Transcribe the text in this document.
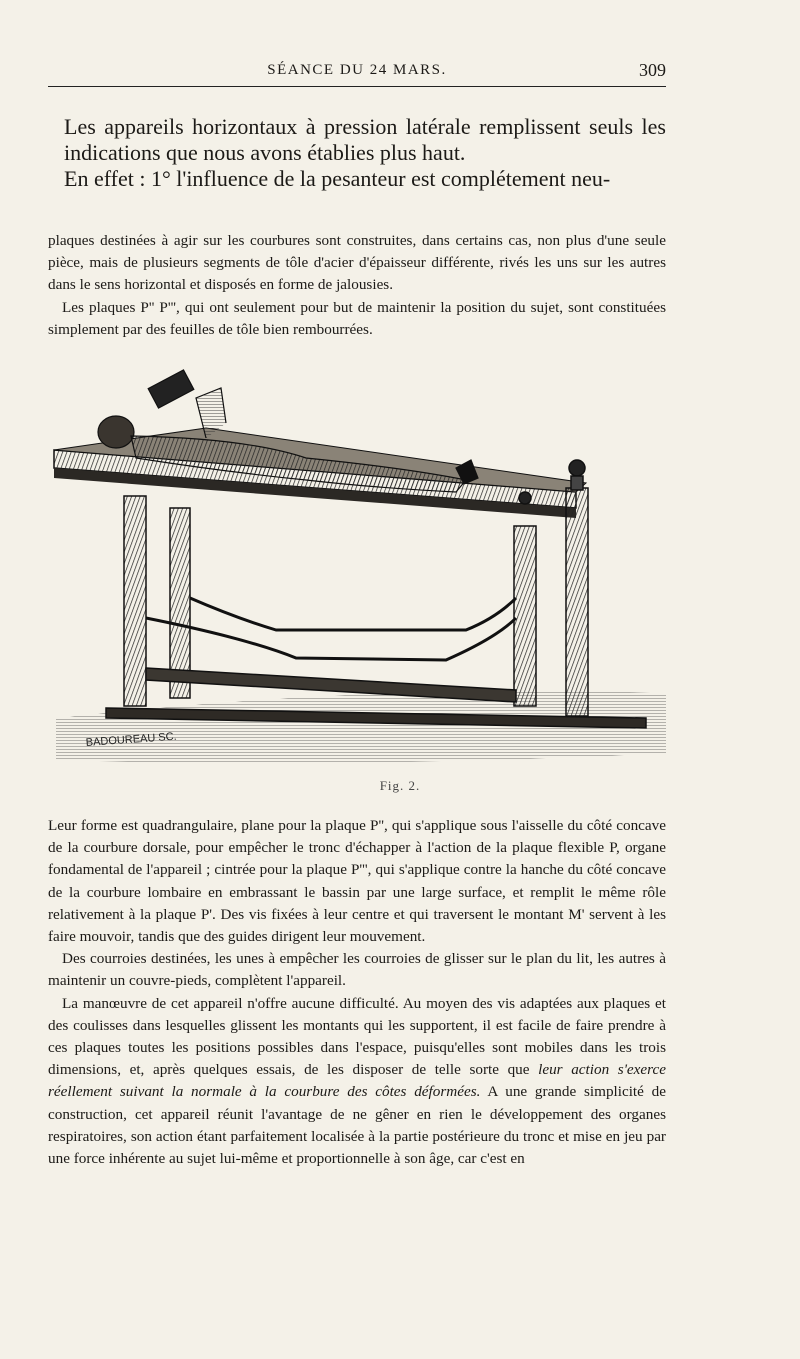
SÉANCE DU 24 MARS.	309

Les appareils horizontaux à pression latérale remplissent seuls les indications que nous avons établies plus haut.

En effet : 1° l'influence de la pesanteur est complétement neu-

plaques destinées à agir sur les courbures sont construites, dans certains cas, non plus d'une seule pièce, mais de plusieurs segments de tôle d'acier d'épaisseur différente, rivés les uns sur les autres dans le sens horizontal et disposés en forme de jalousies.

Les plaques P'' P''', qui ont seulement pour but de maintenir la position du sujet, sont constituées simplement par des feuilles de tôle bien rembourrées.

BADOUREAU SC.
Fig. 2.

Leur forme est quadrangulaire, plane pour la plaque P'', qui s'applique sous l'aisselle du côté concave de la courbure dorsale, pour empêcher le tronc d'échapper à l'action de la plaque flexible P, organe fondamental de l'appareil ; cintrée pour la plaque P''', qui s'applique contre la hanche du côté concave de la courbure lombaire en embrassant le bassin par une large surface, et remplit le même rôle relativement à la plaque P'. Des vis fixées à leur centre et qui traversent le montant M' servent à les faire mouvoir, tandis que des guides dirigent leur mouvement.

Des courroies destinées, les unes à empêcher les courroies de glisser sur le plan du lit, les autres à maintenir un couvre-pieds, complètent l'appareil.

La manœuvre de cet appareil n'offre aucune difficulté. Au moyen des vis adaptées aux plaques et des coulisses dans lesquelles glissent les montants qui les supportent, il est facile de faire prendre à ces plaques toutes les positions possibles dans l'espace, puisqu'elles sont mobiles dans les trois dimensions, et, après quelques essais, de les disposer de telle sorte que leur action s'exerce réellement suivant la normale à la courbure des côtes déformées. A une grande simplicité de construction, cet appareil réunit l'avantage de ne gêner en rien le développement des organes respiratoires, son action étant parfaitement localisée à la partie postérieure du tronc et mise en jeu par une force inhérente au sujet lui-même et proportionnelle à son âge, car c'est en
